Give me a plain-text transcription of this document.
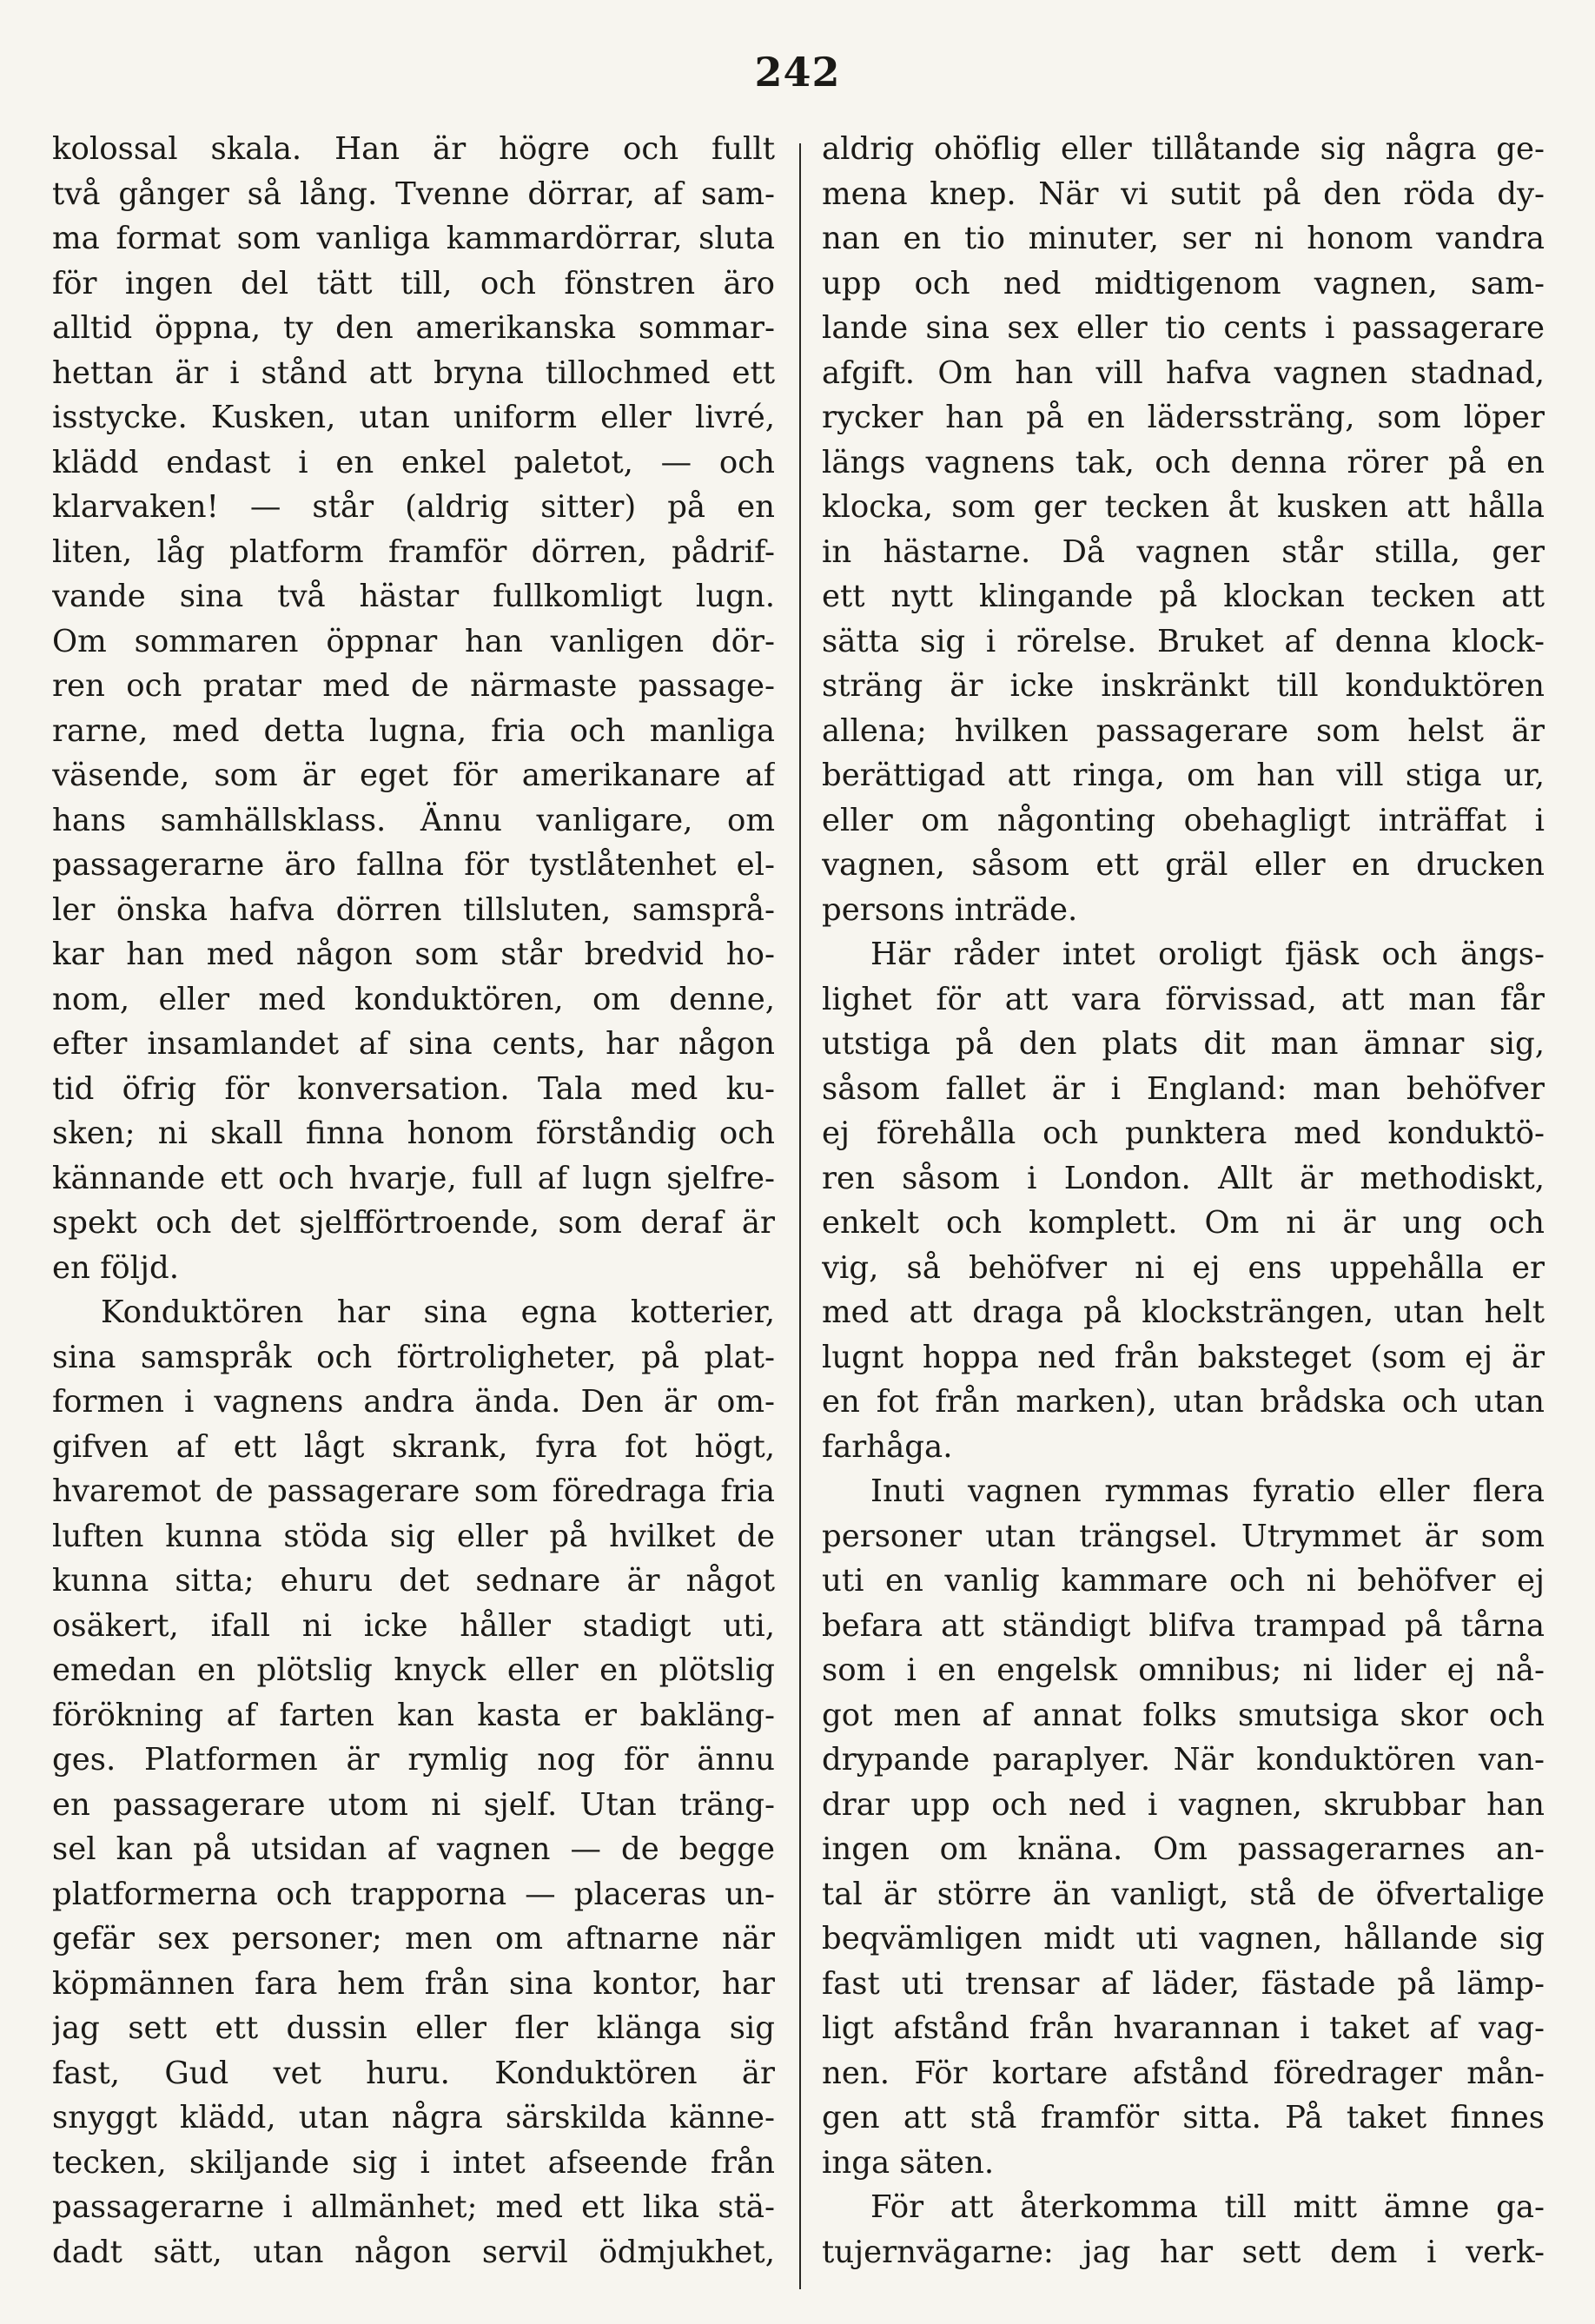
242
kolossal skala. Han är högre och fullt
två gånger så lång. Tvenne dörrar, af sam-
ma format som vanliga kammardörrar, sluta
för ingen del tätt till, och fönstren äro
alltid öppna, ty den amerikanska sommar-
hettan är i stånd att bryna tillochmed ett
isstycke. Kusken, utan uniform eller livré,
klädd endast i en enkel paletot, — och
klarvaken! — står (aldrig sitter) på en
liten, låg platform framför dörren, pådrif-
vande sina två hästar fullkomligt lugn.
Om sommaren öppnar han vanligen dör-
ren och pratar med de närmaste passage-
rarne, med detta lugna, fria och manliga
väsende, som är eget för amerikanare af
hans samhällsklass. Ännu vanligare, om
passagerarne äro fallna för tystlåtenhet el-
ler önska hafva dörren tillsluten, samsprå-
kar han med någon som står bredvid ho-
nom, eller med konduktören, om denne,
efter insamlandet af sina cents, har någon
tid öfrig för konversation. Tala med ku-
sken; ni skall finna honom förståndig och
kännande ett och hvarje, full af lugn sjelfre-
spekt och det sjelfförtroende, som deraf är
en följd.
Konduktören har sina egna kotterier,
sina samspråk och förtroligheter, på plat-
formen i vagnens andra ända. Den är om-
gifven af ett lågt skrank, fyra fot högt,
hvaremot de passagerare som föredraga fria
luften kunna stöda sig eller på hvilket de
kunna sitta; ehuru det sednare är något
osäkert, ifall ni icke håller stadigt uti,
emedan en plötslig knyck eller en plötslig
förökning af farten kan kasta er bakläng-
ges. Platformen är rymlig nog för ännu
en passagerare utom ni sjelf. Utan träng-
sel kan på utsidan af vagnen — de begge
platformerna och trapporna — placeras un-
gefär sex personer; men om aftnarne när
köpmännen fara hem från sina kontor, har
jag sett ett dussin eller fler klänga sig
fast, Gud vet huru. Konduktören är
snyggt klädd, utan några särskilda känne-
tecken, skiljande sig i intet afseende från
passagerarne i allmänhet; med ett lika stä-
dadt sätt, utan någon servil ödmjukhet,
aldrig ohöflig eller tillåtande sig några ge-
mena knep. När vi sutit på den röda dy-
nan en tio minuter, ser ni honom vandra
upp och ned midtigenom vagnen, sam-
lande sina sex eller tio cents i passagerare
afgift. Om han vill hafva vagnen stadnad,
rycker han på en läderssträng, som löper
längs vagnens tak, och denna rörer på en
klocka, som ger tecken åt kusken att hålla
in hästarne. Då vagnen står stilla, ger
ett nytt klingande på klockan tecken att
sätta sig i rörelse. Bruket af denna klock-
sträng är icke inskränkt till konduktören
allena; hvilken passagerare som helst är
berättigad att ringa, om han vill stiga ur,
eller om någonting obehagligt inträffat i
vagnen, såsom ett gräl eller en drucken
persons inträde.
Här råder intet oroligt fjäsk och ängs-
lighet för att vara förvissad, att man får
utstiga på den plats dit man ämnar sig,
såsom fallet är i England: man behöfver
ej förehålla och punktera med konduktö-
ren såsom i London. Allt är methodiskt,
enkelt och komplett. Om ni är ung och
vig, så behöfver ni ej ens uppehålla er
med att draga på klocksträngen, utan helt
lugnt hoppa ned från baksteget (som ej är
en fot från marken), utan brådska och utan
farhåga.
Inuti vagnen rymmas fyratio eller flera
personer utan trängsel. Utrymmet är som
uti en vanlig kammare och ni behöfver ej
befara att ständigt blifva trampad på tårna
som i en engelsk omnibus; ni lider ej nå-
got men af annat folks smutsiga skor och
drypande paraplyer. När konduktören van-
drar upp och ned i vagnen, skrubbar han
ingen om knäna. Om passagerarnes an-
tal är större än vanligt, stå de öfvertalige
beqvämligen midt uti vagnen, hållande sig
fast uti trensar af läder, fästade på lämp-
ligt afstånd från hvarannan i taket af vag-
nen. För kortare afstånd föredrager mån-
gen att stå framför sitta. På taket finnes
inga säten.
För att återkomma till mitt ämne ga-
tujernvägarne: jag har sett dem i verk-
